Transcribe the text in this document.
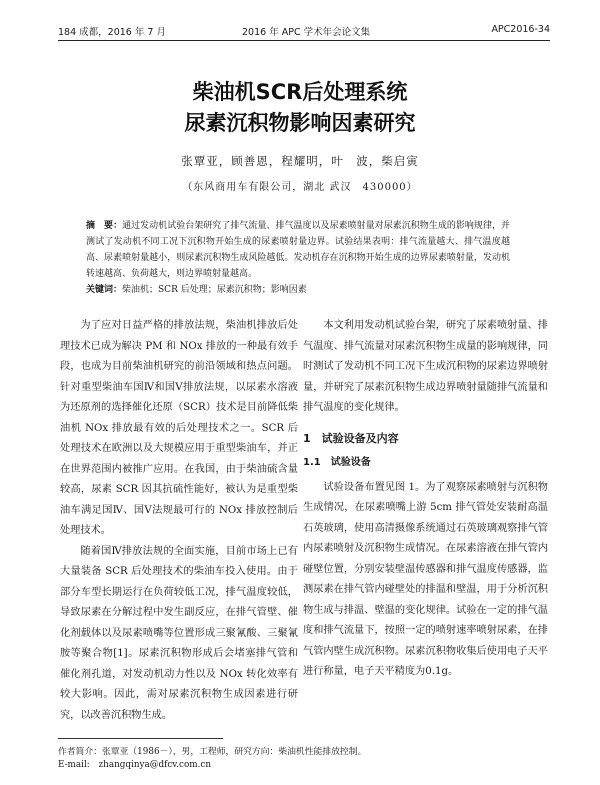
184 成都，2016 年 7 月	2016 年 APC 学术年会论文集	APC2016-34
柴油机SCR后处理系统
尿素沉积物影响因素研究
张覃亚，顾善恩，程耀明，叶　波，柴启寅
（东风商用车有限公司，湖北 武汉　430000）
摘　要：通过发动机试验台架研究了排气流量、排气温度以及尿素喷射量对尿素沉积物生成的影响规律，并测试了发动机不同工况下沉积物开始生成的尿素喷射量边界。试验结果表明：排气流量越大、排气温度越高、尿素喷射量越小，则尿素沉积物生成风险越低。发动机存在沉积物开始生成的边界尿素喷射量，发动机转速越高、负荷越大，则边界喷射量越高。
关键词：柴油机；SCR 后处理；尿素沉积物；影响因素

为了应对日益严格的排放法规，柴油机排放后处理技术已成为解决 PM 和 NOx 排放的一种最有效手段，也成为目前柴油机研究的前沿领域和热点问题。针对重型柴油车国Ⅳ和国Ⅴ排放法规，以尿素水溶液为还原剂的选择催化还原（SCR）技术是目前降低柴油机 NOx 排放最有效的后处理技术之一。SCR 后处理技术在欧洲以及大规模应用于重型柴油车，并正在世界范围内被推广应用。在我国，由于柴油硫含量较高，尿素 SCR 因其抗硫性能好，被认为是重型柴油车满足国Ⅳ、国Ⅴ法规最可行的 NOx 排放控制后处理技术。

随着国Ⅳ排放法规的全面实施，目前市场上已有大量装备 SCR 后处理技术的柴油车投入使用。由于部分车型长期运行在负荷较低工况，排气温度较低，导致尿素在分解过程中发生副反应，在排气管壁、催化剂载体以及尿素喷嘴等位置形成三聚氰酸、三聚氰胺等聚合物[1]。尿素沉积物形成后会堵塞排气管和催化剂孔道，对发动机动力性以及 NOx 转化效率有较大影响。因此，需对尿素沉积物生成因素进行研究，以改善沉积物生成。

本文利用发动机试验台架，研究了尿素喷射量、排气温度、排气流量对尿素沉积物生成量的影响规律，同时测试了发动机不同工况下生成沉积物的尿素边界喷射量，并研究了尿素沉积物生成边界喷射量随排气流量和排气温度的变化规律。

1　试验设备及内容
1.1　试验设备

试验设备布置见图 1。为了观察尿素喷射与沉积物生成情况，在尿素喷嘴上游 5cm 排气管处安装耐高温石英玻璃，使用高清摄像系统通过石英玻璃观察排气管内尿素喷射及沉积物生成情况。在尿素溶液在排气管内碰壁位置，分别安装壁温传感器和排气温度传感器，监测尿素在排气管内碰壁处的排温和壁温，用于分析沉积物生成与排温、壁温的变化规律。试验在一定的排气温度和排气流量下，按照一定的喷射速率喷射尿素，在排气管内壁生成沉积物。尿素沉积物收集后使用电子天平进行称量，电子天平精度为0.1g。

作者简介：张覃亚（1986－），男，工程师，研究方向：柴油机性能排放控制。
E-mail:　zhangqinya@dfcv.com.cn
